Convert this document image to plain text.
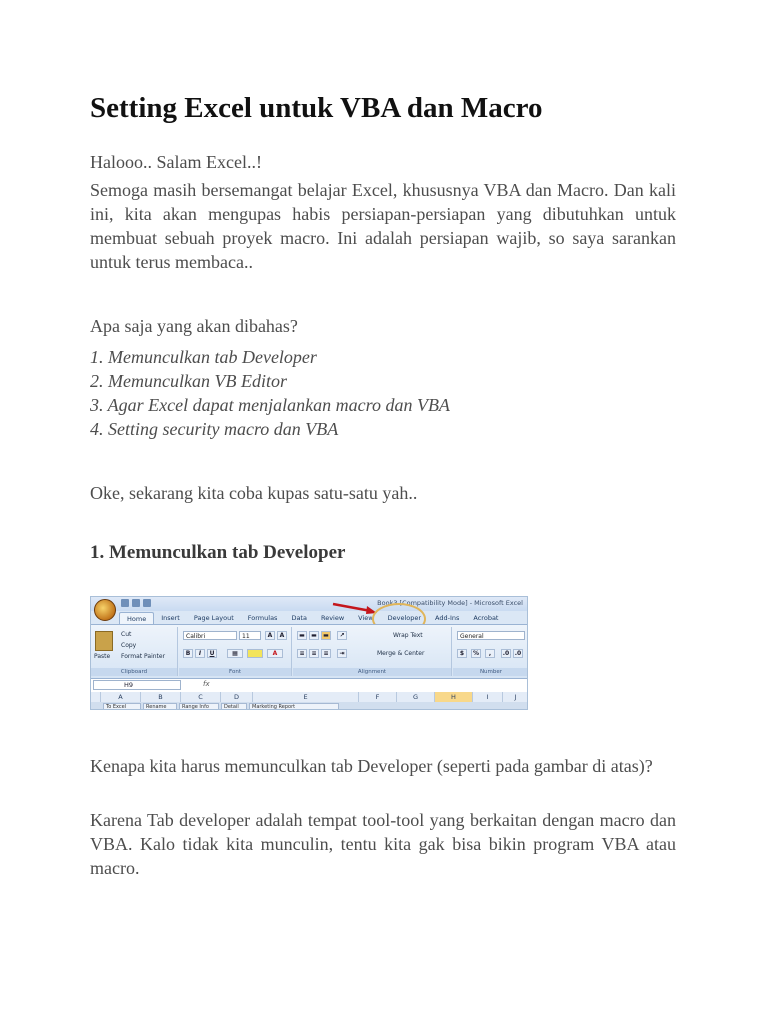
Setting Excel untuk VBA dan Macro

Halooo.. Salam Excel..!

Semoga masih bersemangat belajar Excel, khususnya VBA dan Macro. Dan kali ini, kita akan mengupas habis persiapan-persiapan yang dibutuhkan untuk membuat sebuah proyek macro. Ini adalah persiapan wajib, so saya sarankan untuk terus membaca..

Apa saja yang akan dibahas?

1. Memunculkan tab Developer
2. Memunculkan VB Editor
3. Agar Excel dapat menjalankan macro dan VBA
4. Setting security macro dan VBA

Oke, sekarang kita coba kupas satu-satu yah..

1. Memunculkan tab Developer
Book3 [Compatibility Mode] - Microsoft Excel
Home	Insert	Page Layout	Formulas	Data	Review	View	Developer	Add-Ins	Acrobat
Paste
Cut
Copy
Format Painter
Clipboard
Calibri	11	A	A
B	I	U	▦	A
Font
▬	▬	▬	↗
≡	≡	≡	⇥
Wrap Text
Merge & Center
Alignment
General
$	%	,	.0 .0
Number
H9	fx
A	B	C	D	E	F	G	H	I	J
To Excel	Rename	Range Info	Detail	Marketing Report

Kenapa kita harus memunculkan tab Developer (seperti pada gambar di atas)?

Karena Tab developer adalah tempat tool-tool yang berkaitan dengan macro dan VBA. Kalo tidak kita munculin, tentu kita gak bisa bikin program VBA atau macro.
